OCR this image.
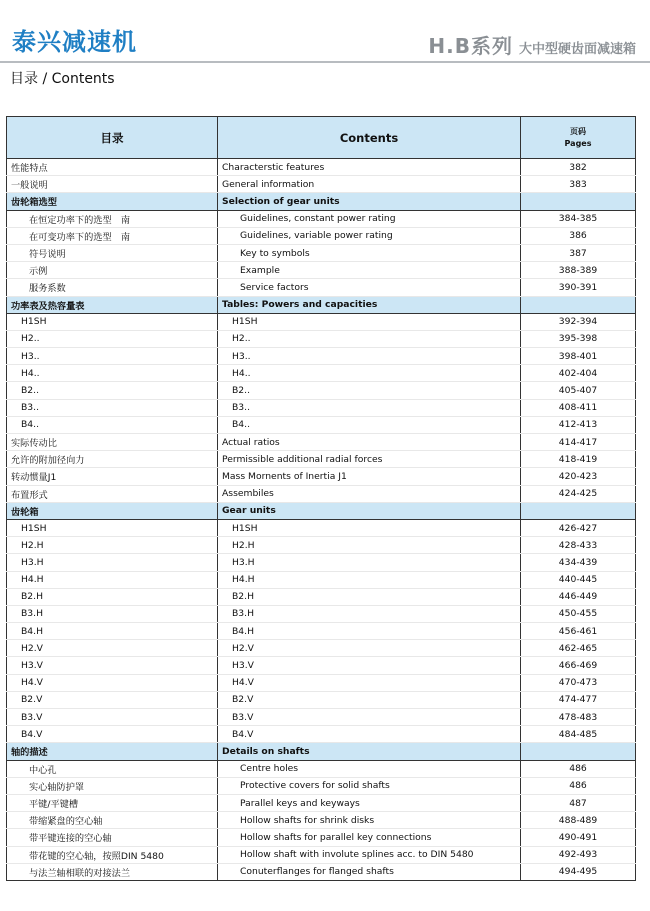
泰兴减速机	H.B系列 大中型硬齿面减速箱
目录 / Contents
目录	Contents	页码
Pages

性能特点	Characterstic features	382
一般说明	General information	383
齿轮箱选型	Selection of gear units	
在恒定功率下的选型　南	Guidelines, constant power rating	384-385
在可变功率下的选型　南	Guidelines, variable power rating	386
符号说明	Key to symbols	387
示例	Example	388-389
服务系数	Service factors	390-391
功率表及热容量表	Tables: Powers and capacities	
H1SH	H1SH	392-394
H2..	H2..	395-398
H3..	H3..	398-401
H4..	H4..	402-404
B2..	B2..	405-407
B3..	B3..	408-411
B4..	B4..	412-413
实际传动比	Actual ratios	414-417
允许的附加径向力	Permissible additional radial forces	418-419
转动惯量J1	Mass Mornents of Inertia J1	420-423
布置形式	Assembiles	424-425
齿轮箱	Gear units	
H1SH	H1SH	426-427
H2.H	H2.H	428-433
H3.H	H3.H	434-439
H4.H	H4.H	440-445
B2.H	B2.H	446-449
B3.H	B3.H	450-455
B4.H	B4.H	456-461
H2.V	H2.V	462-465
H3.V	H3.V	466-469
H4.V	H4.V	470-473
B2.V	B2.V	474-477
B3.V	B3.V	478-483
B4.V	B4.V	484-485
轴的描述	Details on shafts	
中心孔	Centre holes	486
实心轴防护罩	Protective covers for solid shafts	486
平键/平键槽	Parallel keys and keyways	487
带缩紧盘的空心轴	Hollow shafts for shrink disks	488-489
带平键连接的空心轴	Hollow shafts for parallel key connections	490-491
带花键的空心轴，按照DIN 5480	Hollow shaft with involute splines acc. to DIN 5480	492-493
与法兰轴相联的对接法兰	Conuterflanges for flanged shafts	494-495
